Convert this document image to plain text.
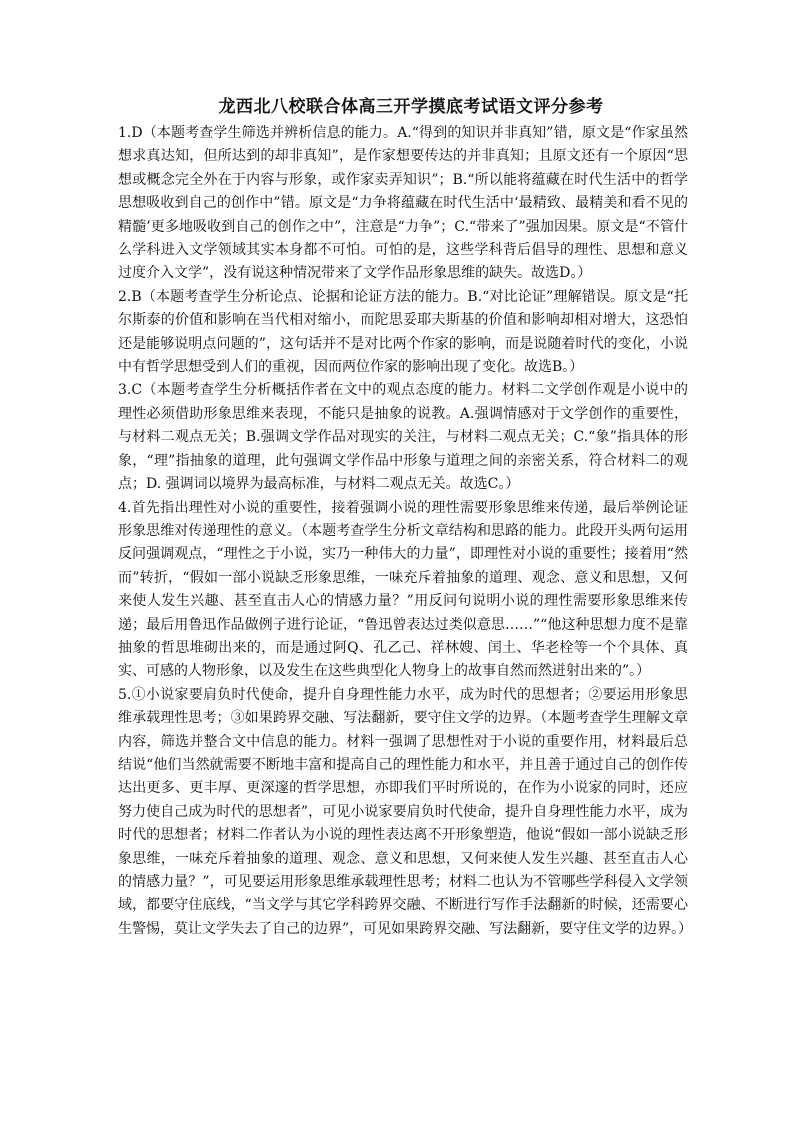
龙西北八校联合体高三开学摸底考试语文评分参考

1.D（本题考查学生筛选并辨析信息的能力。A.“得到的知识并非真知”错，原文是“作家虽然想求真达知，但所达到的却非真知”，是作家想要传达的并非真知；且原文还有一个原因“思想或概念完全外在于内容与形象，或作家卖弄知识”；B.“所以能将蕴藏在时代生活中的哲学思想吸收到自己的创作中”错。原文是“力争将蕴藏在时代生活中‘最精致、最精美和看不见的精髓’更多地吸收到自己的创作之中”，注意是“力争”；C.“带来了”强加因果。原文是“不管什么学科进入文学领域其实本身都不可怕。可怕的是，这些学科背后倡导的理性、思想和意义过度介入文学”，没有说这种情况带来了文学作品形象思维的缺失。故选D。）

2.B（本题考查学生分析论点、论据和论证方法的能力。B.“对比论证”理解错误。原文是“托尔斯泰的价值和影响在当代相对缩小，而陀思妥耶夫斯基的价值和影响却相对增大，这恐怕还是能够说明点问题的”，这句话并不是对比两个作家的影响，而是说随着时代的变化，小说中有哲学思想受到人们的重视，因而两位作家的影响出现了变化。故选B。）

3.C（本题考查学生分析概括作者在文中的观点态度的能力。材料二文学创作观是小说中的理性必须借助形象思维来表现，不能只是抽象的说教。A.强调情感对于文学创作的重要性，与材料二观点无关；B.强调文学作品对现实的关注，与材料二观点无关；C.“象”指具体的形象，“理”指抽象的道理，此句强调文学作品中形象与道理之间的亲密关系，符合材料二的观点；D. 强调词以境界为最高标准，与材料二观点无关。故选C。）

4.首先指出理性对小说的重要性，接着强调小说的理性需要形象思维来传递，最后举例论证形象思维对传递理性的意义。（本题考查学生分析文章结构和思路的能力。此段开头两句运用反问强调观点，“理性之于小说，实乃一种伟大的力量”，即理性对小说的重要性；接着用“然而”转折，“假如一部小说缺乏形象思维，一味充斥着抽象的道理、观念、意义和思想，又何来使人发生兴趣、甚至直击人心的情感力量？”用反问句说明小说的理性需要形象思维来传递；最后用鲁迅作品做例子进行论证，“鲁迅曾表达过类似意思……”“他这种思想力度不是靠抽象的哲思堆砌出来的，而是通过阿Q、孔乙己、祥林嫂、闰土、华老栓等一个个具体、真实、可感的人物形象，以及发生在这些典型化人物身上的故事自然而然迸射出来的”。）

5.①小说家要肩负时代使命，提升自身理性能力水平，成为时代的思想者；②要运用形象思维承载理性思考；③如果跨界交融、写法翻新，要守住文学的边界。（本题考查学生理解文章内容，筛选并整合文中信息的能力。材料一强调了思想性对于小说的重要作用，材料最后总结说“他们当然就需要不断地丰富和提高自己的理性能力和水平，并且善于通过自己的创作传达出更多、更丰厚、更深邃的哲学思想，亦即我们平时所说的，在作为小说家的同时，还应努力使自己成为时代的思想者”，可见小说家要肩负时代使命，提升自身理性能力水平，成为时代的思想者；材料二作者认为小说的理性表达离不开形象塑造，他说“假如一部小说缺乏形象思维，一味充斥着抽象的道理、观念、意义和思想，又何来使人发生兴趣、甚至直击人心的情感力量？”，可见要运用形象思维承载理性思考；材料二也认为不管哪些学科侵入文学领域，都要守住底线，“当文学与其它学科跨界交融、不断进行写作手法翻新的时候，还需要心生警惕，莫让文学失去了自己的边界”，可见如果跨界交融、写法翻新，要守住文学的边界。）
